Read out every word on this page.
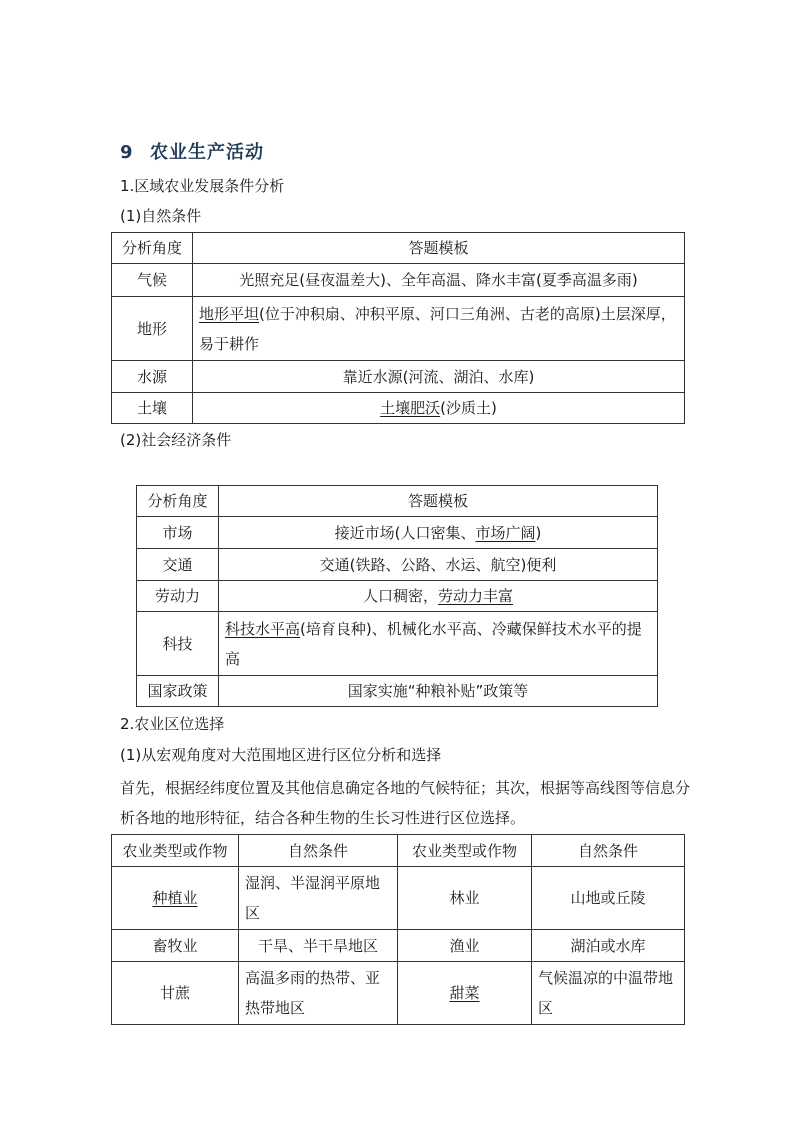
9 农业生产活动
1.区域农业发展条件分析
(1)自然条件
分析角度	答题模板
气候	光照充足(昼夜温差大)、全年高温、降水丰富(夏季高温多雨)
地形	地形平坦(位于冲积扇、冲积平原、河口三角洲、古老的高原)土层深厚，易于耕作
水源	靠近水源(河流、湖泊、水库)
土壤	土壤肥沃(沙质土)
(2)社会经济条件
分析角度	答题模板
市场	接近市场(人口密集、市场广阔)
交通	交通(铁路、公路、水运、航空)便利
劳动力	人口稠密，劳动力丰富
科技	科技水平高(培育良种)、机械化水平高、冷藏保鲜技术水平的提高
国家政策	国家实施“种粮补贴”政策等
2.农业区位选择
(1)从宏观角度对大范围地区进行区位分析和选择
首先，根据经纬度位置及其他信息确定各地的气候特征；其次，根据等高线图等信息分析各地的地形特征，结合各种生物的生长习性进行区位选择。
农业类型或作物	自然条件	农业类型或作物	自然条件
种植业	湿润、半湿润平原地区	林业	山地或丘陵
畜牧业	干旱、半干旱地区	渔业	湖泊或水库
甘蔗	高温多雨的热带、亚热带地区	甜菜	气候温凉的中温带地区
